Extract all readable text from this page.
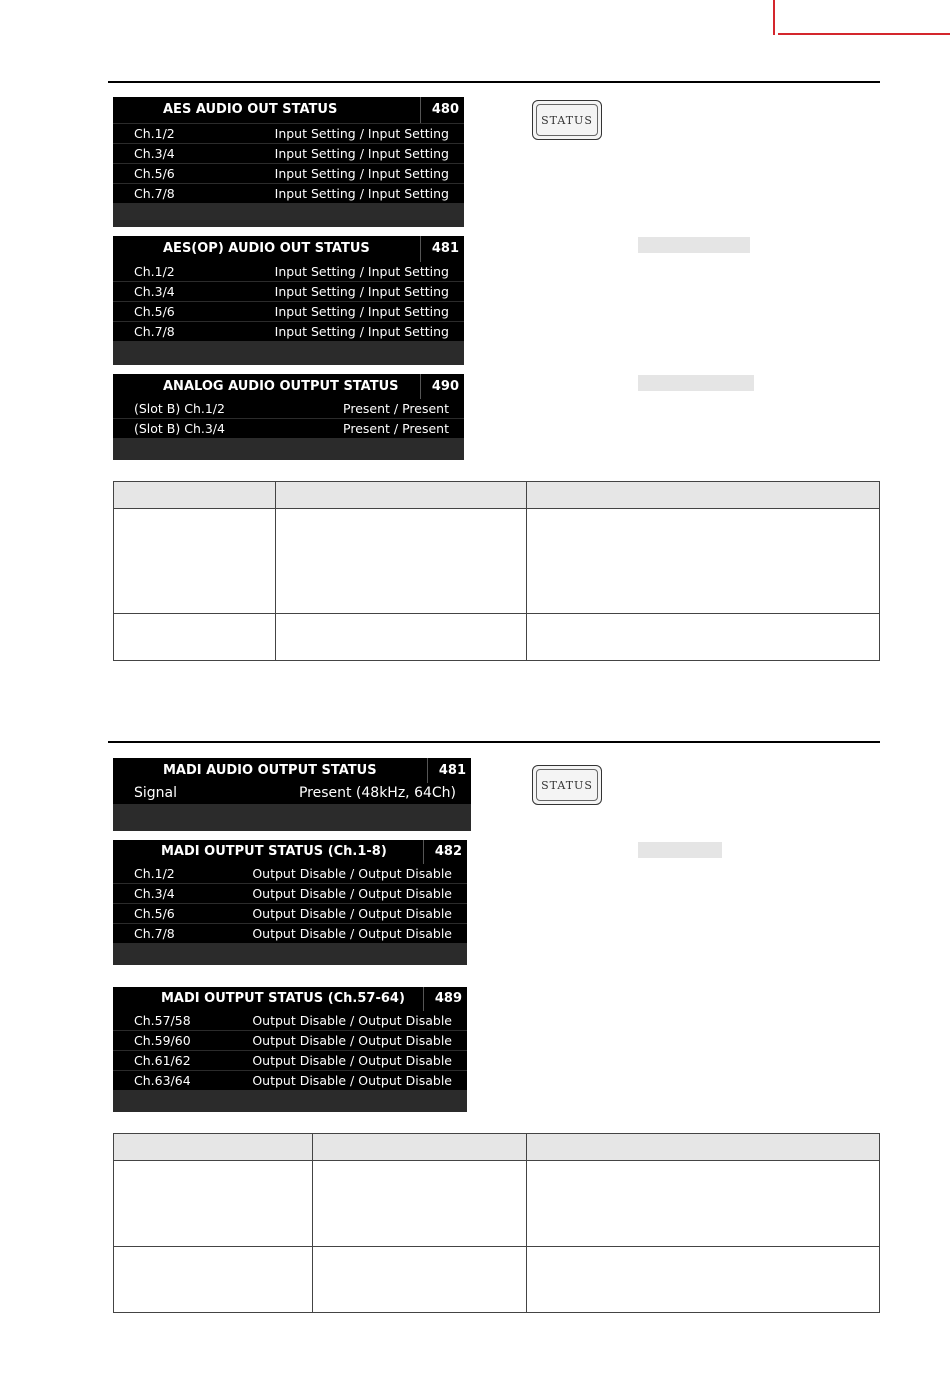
AES AUDIO OUT STATUS	480
Ch.1/2	Input Setting / Input Setting
Ch.3/4	Input Setting / Input Setting
Ch.5/6	Input Setting / Input Setting
Ch.7/8	Input Setting / Input Setting
AES(OP) AUDIO OUT STATUS	481
Ch.1/2	Input Setting / Input Setting
Ch.3/4	Input Setting / Input Setting
Ch.5/6	Input Setting / Input Setting
Ch.7/8	Input Setting / Input Setting
ANALOG AUDIO OUTPUT STATUS	490
(Slot B) Ch.1/2	Present / Present
(Slot B) Ch.3/4	Present / Present
STATUS

MADI AUDIO OUTPUT STATUS	481
Signal	Present (48kHz, 64Ch)
MADI OUTPUT STATUS (Ch.1-8)	482
Ch.1/2	Output Disable / Output Disable
Ch.3/4	Output Disable / Output Disable
Ch.5/6	Output Disable / Output Disable
Ch.7/8	Output Disable / Output Disable
MADI OUTPUT STATUS (Ch.57-64)	489
Ch.57/58	Output Disable / Output Disable
Ch.59/60	Output Disable / Output Disable
Ch.61/62	Output Disable / Output Disable
Ch.63/64	Output Disable / Output Disable
STATUS
